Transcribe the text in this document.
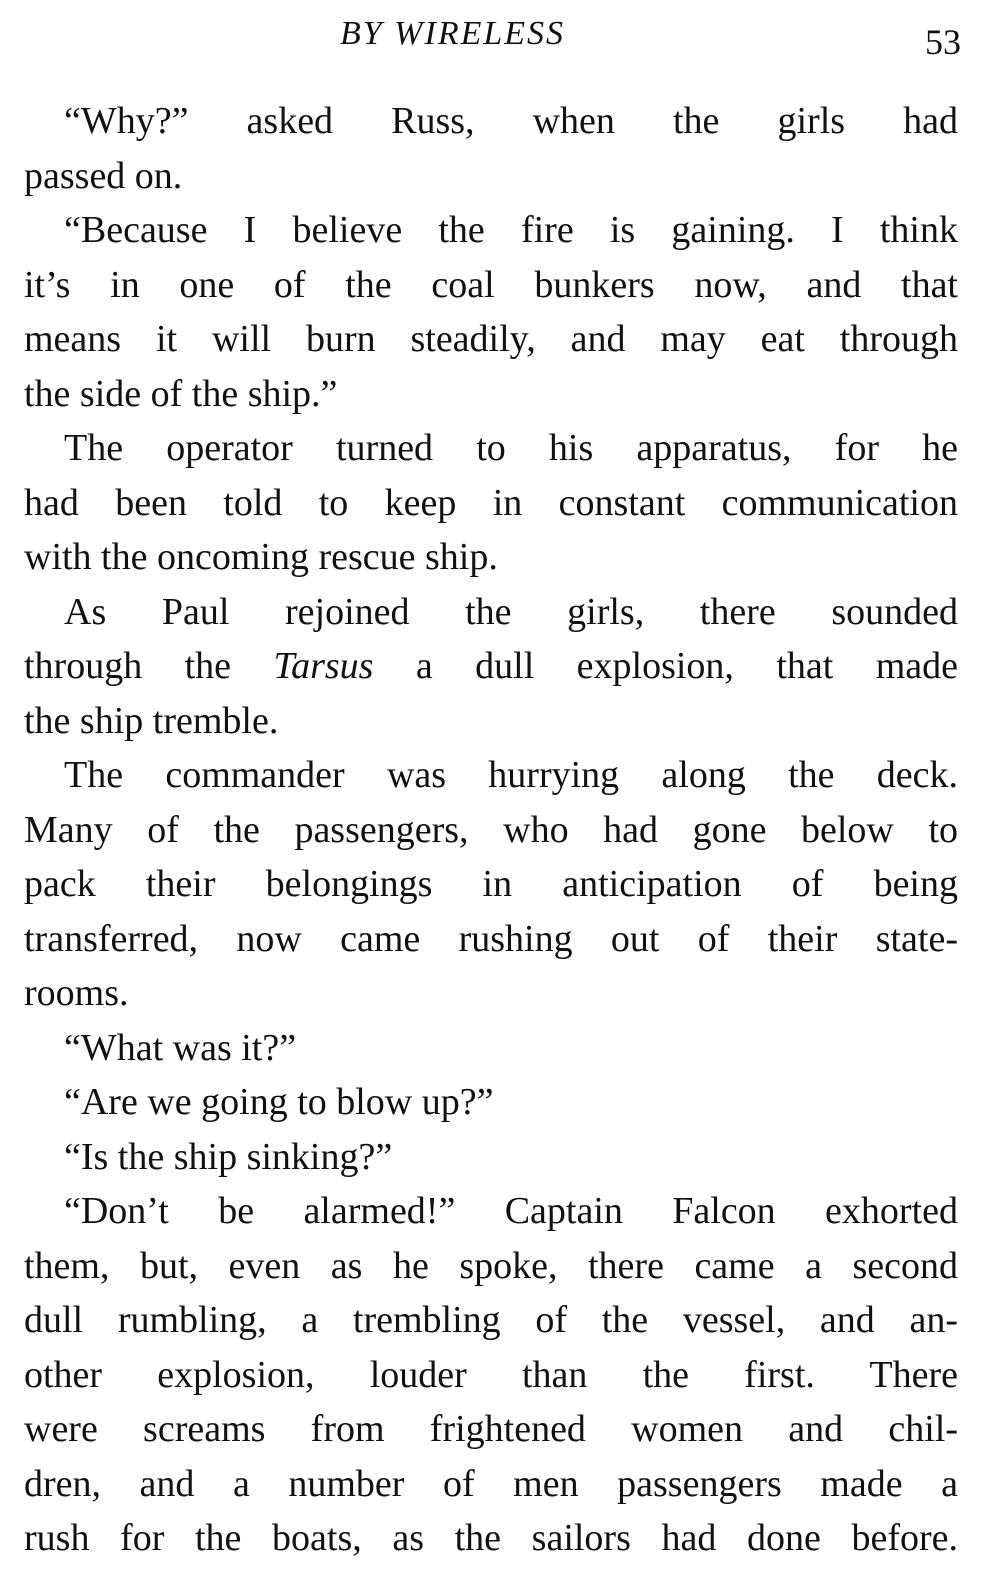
BY WIRELESS	53
“Why?” asked Russ, when the girls had
passed on.
“Because I believe the fire is gaining. I think
it’s in one of the coal bunkers now, and that
means it will burn steadily, and may eat through
the side of the ship.”
The operator turned to his apparatus, for he
had been told to keep in constant communication
with the oncoming rescue ship.
As Paul rejoined the girls, there sounded
through the Tarsus a dull explosion, that made
the ship tremble.
The commander was hurrying along the deck.
Many of the passengers, who had gone below to
pack their belongings in anticipation of being
transferred, now came rushing out of their state-
rooms.
“What was it?”
“Are we going to blow up?”
“Is the ship sinking?”
“Don’t be alarmed!” Captain Falcon exhorted
them, but, even as he spoke, there came a second
dull rumbling, a trembling of the vessel, and an-
other explosion, louder than the first. There
were screams from frightened women and chil-
dren, and a number of men passengers made a
rush for the boats, as the sailors had done before.
